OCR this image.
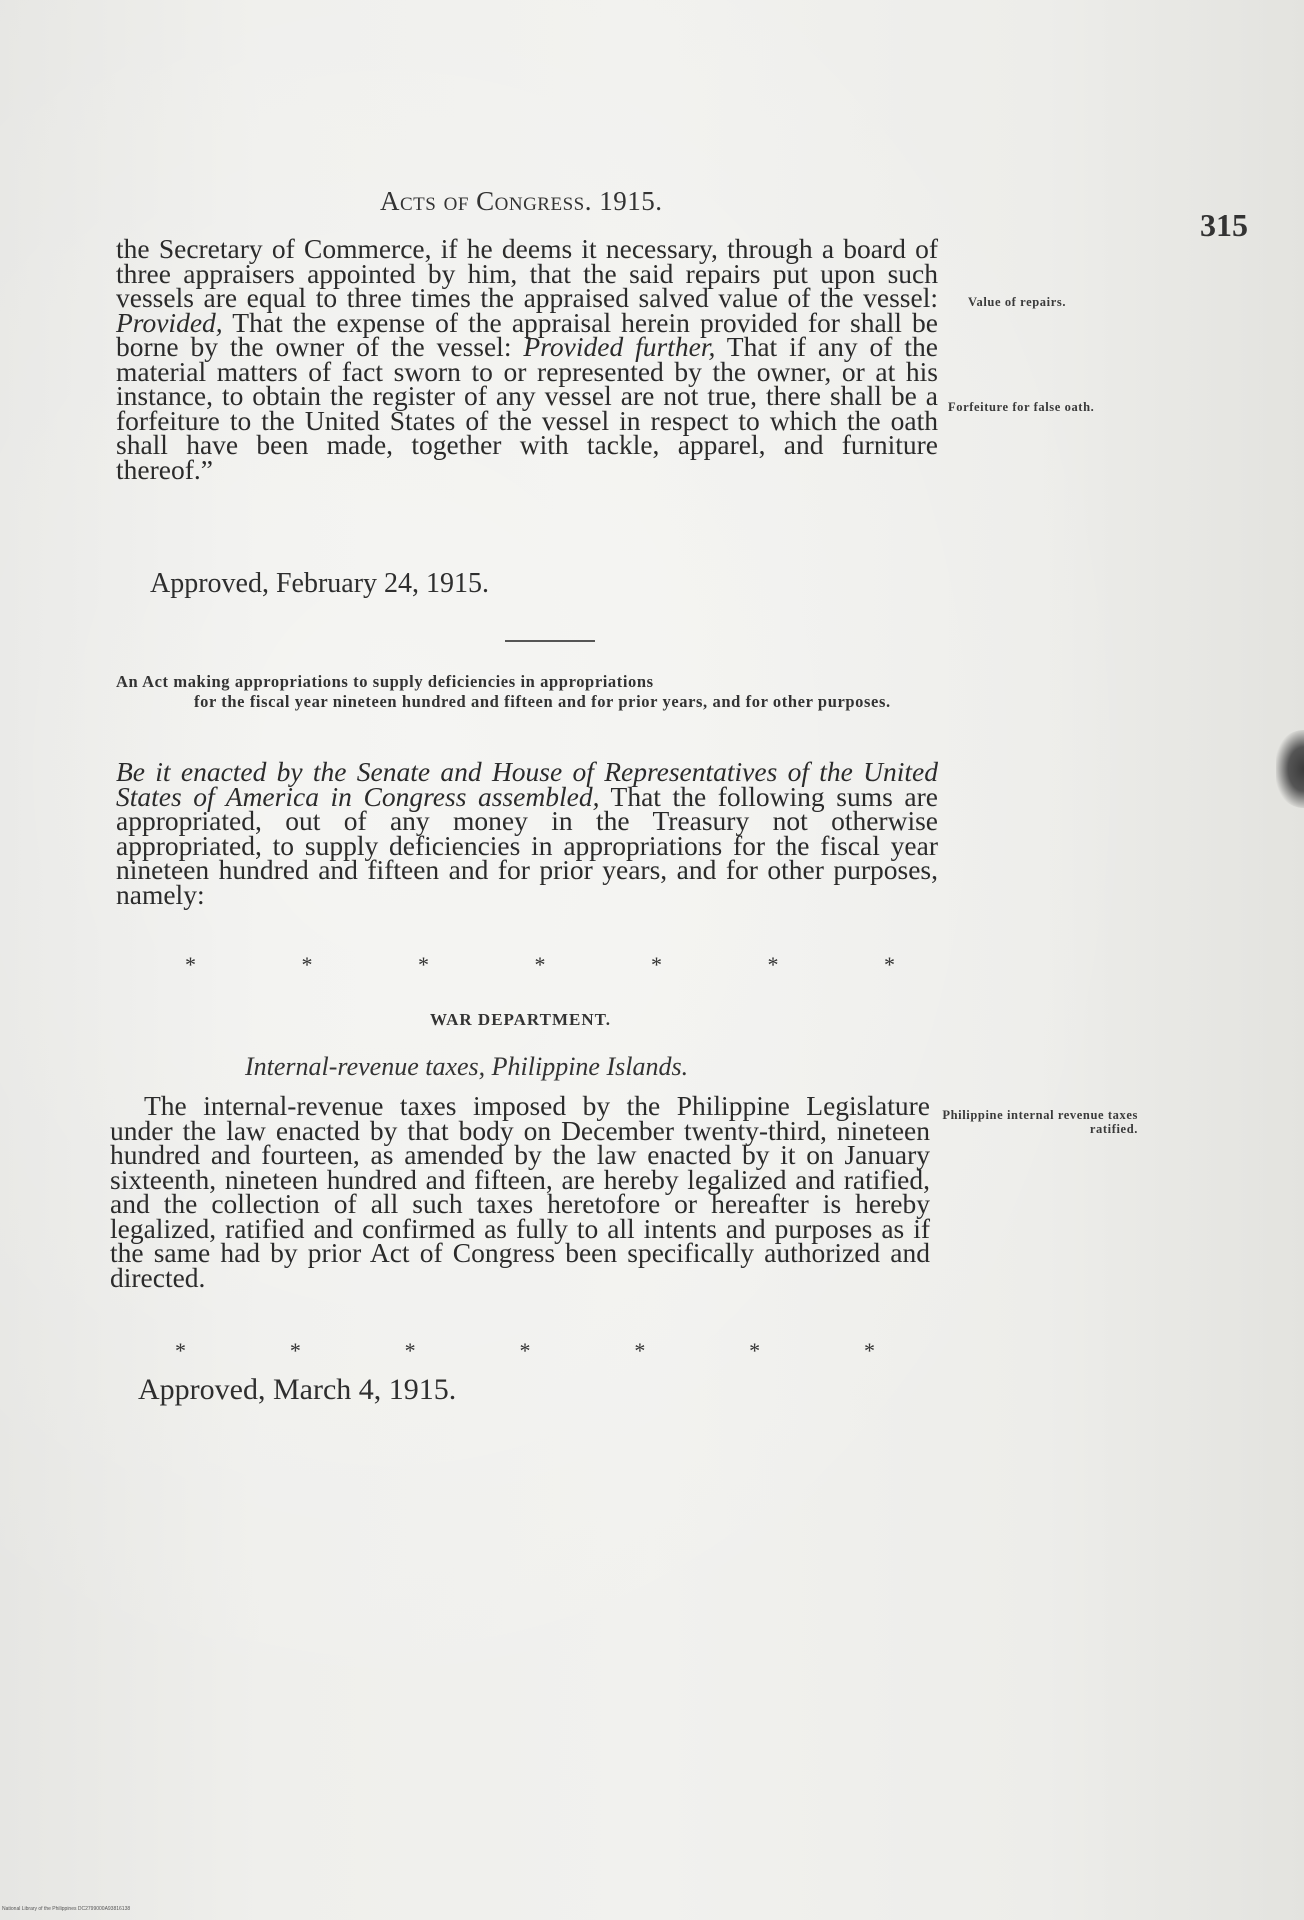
Acts of Congress. 1915.
315
the Secretary of Commerce, if he deems it necessary, through a board of three appraisers appointed by him, that the said repairs put upon such vessels are equal to three times the appraised salved value of the vessel: Provided, That the expense of the appraisal herein provided for shall be borne by the owner of the vessel: Provided further, That if any of the material matters of fact sworn to or represented by the owner, or at his instance, to obtain the register of any vessel are not true, there shall be a forfeiture to the United States of the vessel in respect to which the oath shall have been made, together with tackle, apparel, and furniture thereof.”
Value of repairs.
Forfeiture for false oath.
Approved, February 24, 1915.
An Act making appropriations to supply deficiencies in appropriations
for the fiscal year nineteen hundred and fifteen and for prior years, and for other purposes.
Be it enacted by the Senate and House of Representatives of the United States of America in Congress assembled, That the following sums are appropriated, out of any money in the Treasury not otherwise appropriated, to supply deficiencies in appropriations for the fiscal year nineteen hundred and fifteen and for prior years, and for other purposes, namely:
*	*	*	*	*	*	*
WAR DEPARTMENT.
Internal-revenue taxes, Philippine Islands.
The internal-revenue taxes imposed by the Philippine Legislature under the law enacted by that body on December twenty-third, nineteen hundred and fourteen, as amended by the law enacted by it on January sixteenth, nineteen hundred and fifteen, are hereby legalized and ratified, and the collection of all such taxes heretofore or hereafter is hereby legalized, ratified and confirmed as fully to all intents and purposes as if the same had by prior Act of Congress been specifically authorized and directed.
Philippine internal revenue taxes ratified.
*	*	*	*	*	*	*
Approved, March 4, 1915.
National Library of the Philippines DC2799000A93816138
